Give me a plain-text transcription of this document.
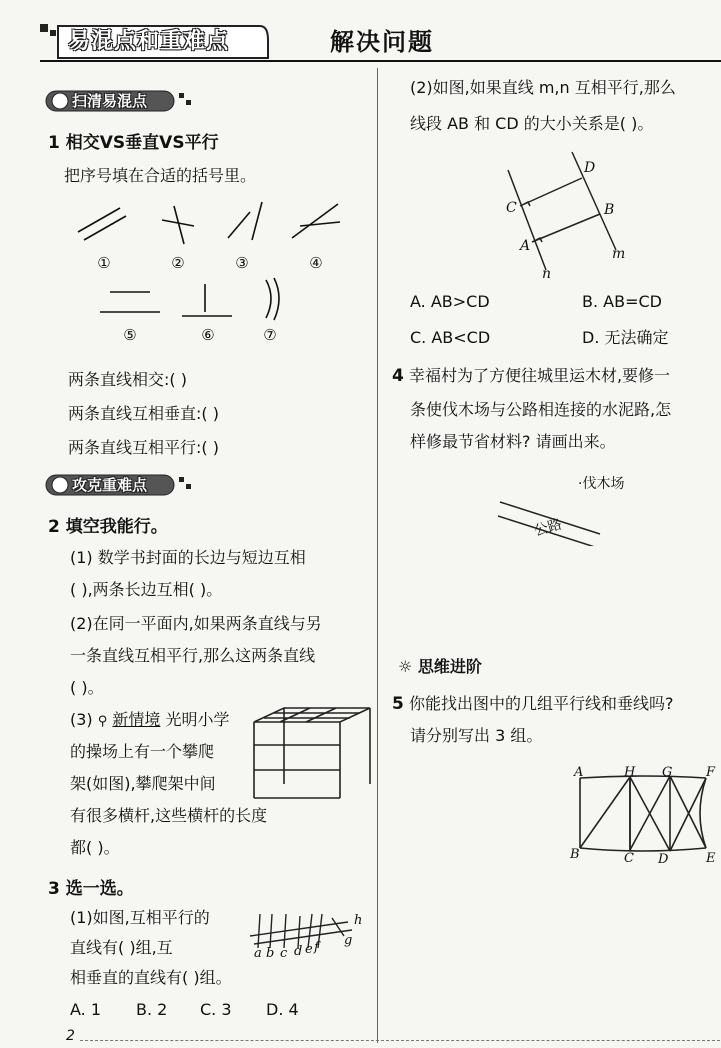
易混点和重难点	解决问题
扫清易混点
1 相交VS垂直VS平行
把序号填在合适的括号里。
①	②	③	④
⑤	⑥	⑦
两条直线相交:( )
两条直线互相垂直:( )
两条直线互相平行:( )
攻克重难点
2 填空我能行。
(1) 数学书封面的长边与短边互相
( ),两条长边互相( )。
(2)在同一平面内,如果两条直线与另
一条直线互相平行,那么这两条直线
( )。
(3) ⚲ 新情境 光明小学
的操场上有一个攀爬
架(如图),攀爬架中间
有很多横杆,这些横杆的长度
都( )。
3 选一选。
(1)如图,互相平行的
直线有( )组,互
相垂直的直线有( )组。
A. 1 B. 2 C. 3 D. 4
a b c d e f g
h
(2)如图,如果直线 m,n 互相平行,那么
线段 AB 和 CD 的大小关系是( )。
D
C	B
A	m
n
A. AB>CD	B. AB=CD
C. AB<CD	D. 无法确定
4 幸福村为了方便往城里运木材,要修一
条使伐木场与公路相连接的水泥路,怎
样修最节省材料? 请画出来。
·伐木场
公路
☼ 思维进阶
5 你能找出图中的几组平行线和垂线吗?
请分别写出 3 组。
A	H G	F
B	C D	E
2
